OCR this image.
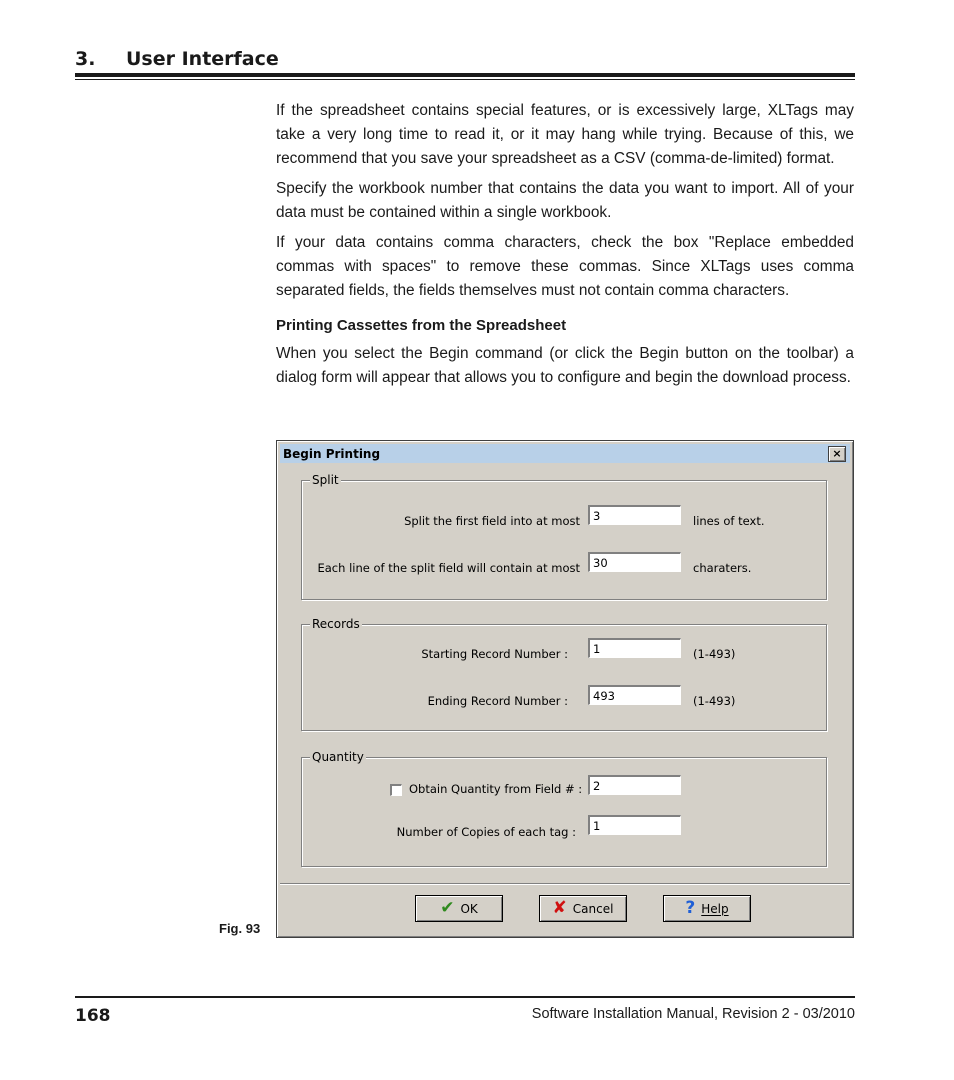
3.	User Interface

If the spreadsheet contains special features, or is excessively large, XLTags may take a very long time to read it, or it may hang while trying. Because of this, we recommend that you save your spreadsheet as a CSV (comma-de-limited) format.

Specify the workbook number that contains the data you want to import. All of your data must be contained within a single workbook.

If your data contains comma characters, check the box "Replace embedded commas with spaces" to remove these commas. Since XLTags uses comma separated fields, the fields themselves must not contain comma characters.

Printing Cassettes from the Spreadsheet

When you select the Begin command (or click the Begin button on the toolbar) a dialog form will appear that allows you to configure and begin the download process.

Begin Printing	×
Split
Split the first field into at most
3	lines of text.
Each line of the split field will contain at most
30	charaters.
Records
Starting Record Number :
1	(1-493)
Ending Record Number :
493	(1-493)
Quantity
Obtain Quantity from Field # :
2
Number of Copies of each tag :
1
✔ OK	✘ Cancel	? Help
Fig. 93
168	Software Installation Manual, Revision 2 - 03/2010
